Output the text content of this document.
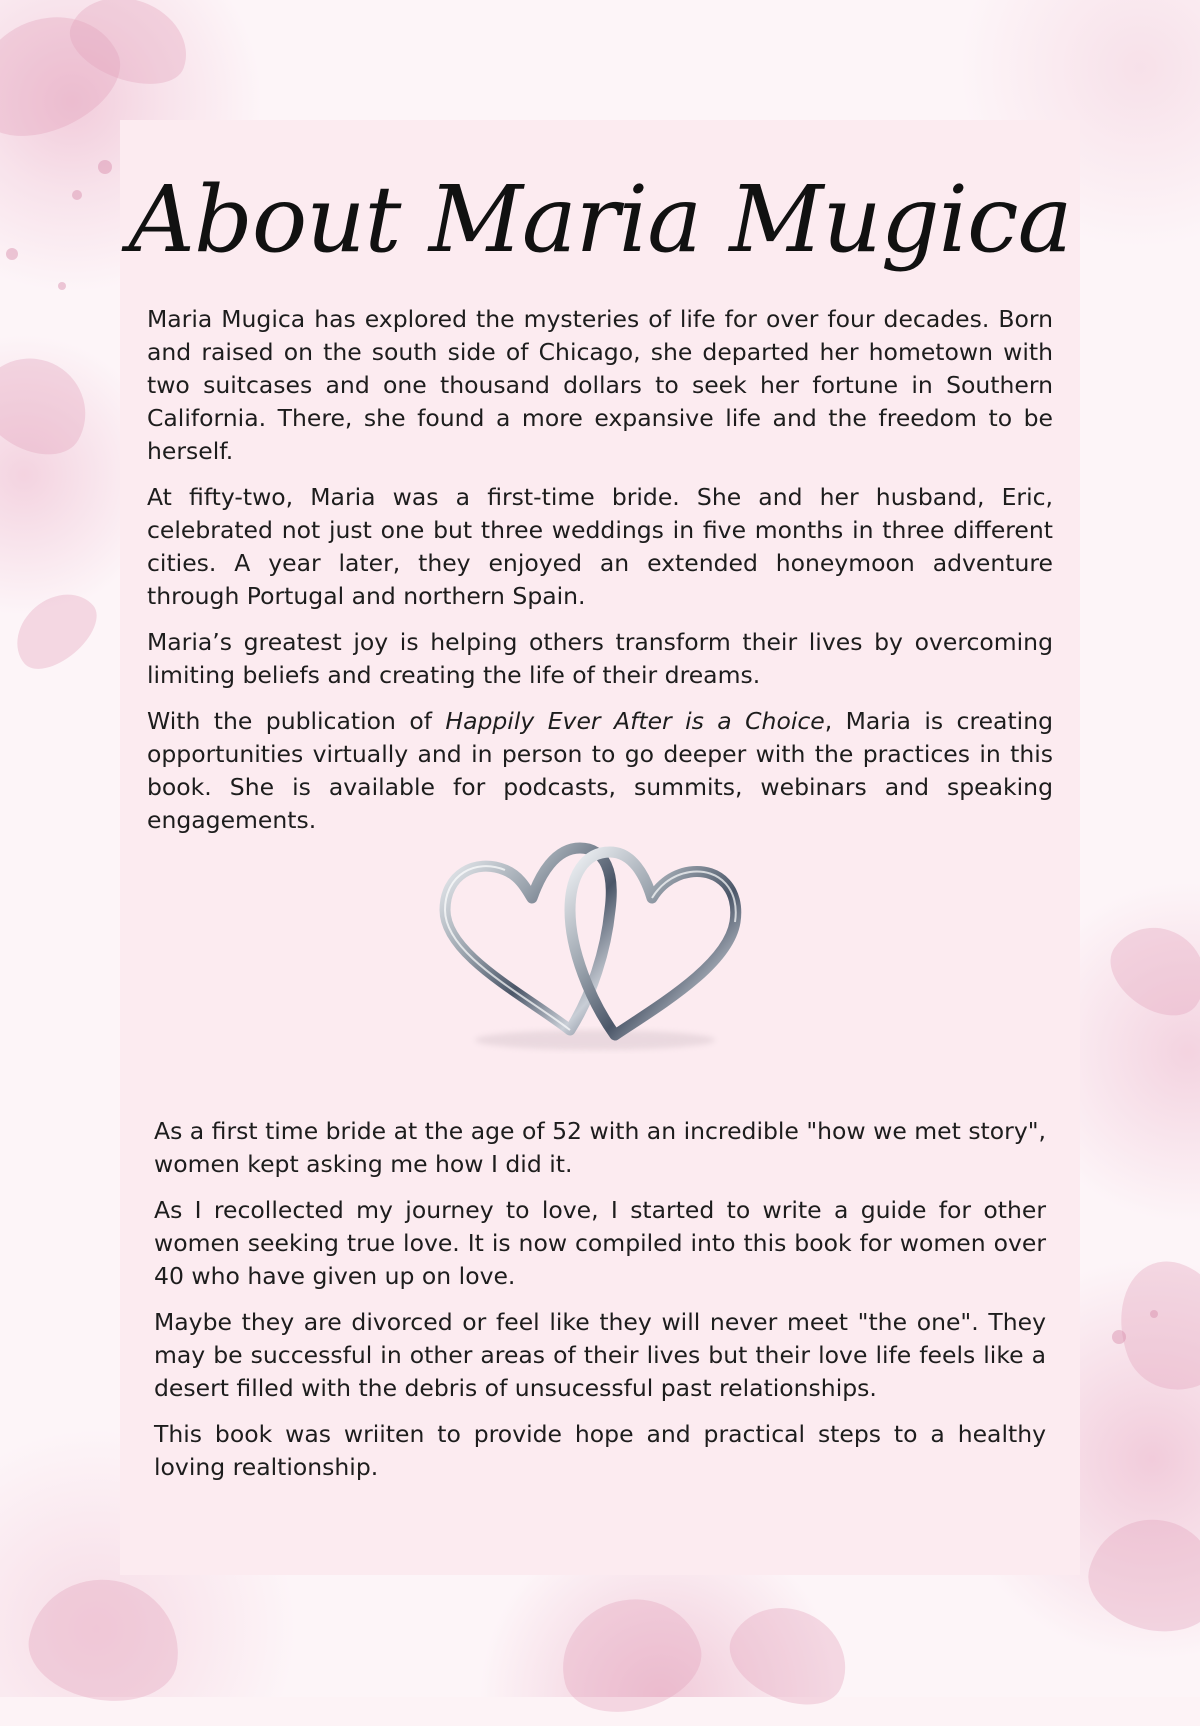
About Maria Mugica

Maria Mugica has explored the mysteries of life for over four decades. Born and raised on the south side of Chicago, she departed her hometown with two suitcases and one thousand dollars to seek her fortune in Southern California. There, she found a more expansive life and the freedom to be herself.

At fifty-two, Maria was a first-time bride. She and her husband, Eric, celebrated not just one but three weddings in five months in three different cities. A year later, they enjoyed an extended honeymoon adventure through Portugal and northern Spain.

Maria’s greatest joy is helping others transform their lives by overcoming limiting beliefs and creating the life of their dreams.

With the publication of Happily Ever After is a Choice, Maria is creating opportunities virtually and in person to go deeper with the practices in this book. She is available for podcasts, summits, webinars and speaking engagements.

As a first time bride at the age of 52 with an incredible "how we met story", women kept asking me how I did it.

As I recollected my journey to love, I started to write a guide for other women seeking true love. It is now compiled into this book for women over 40 who have given up on love.

Maybe they are divorced or feel like they will never meet "the one". They may be successful in other areas of their lives but their love life feels like a desert filled with the debris of unsucessful past relationships.

This book was wriiten to provide hope and practical steps to a healthy loving realtionship.
